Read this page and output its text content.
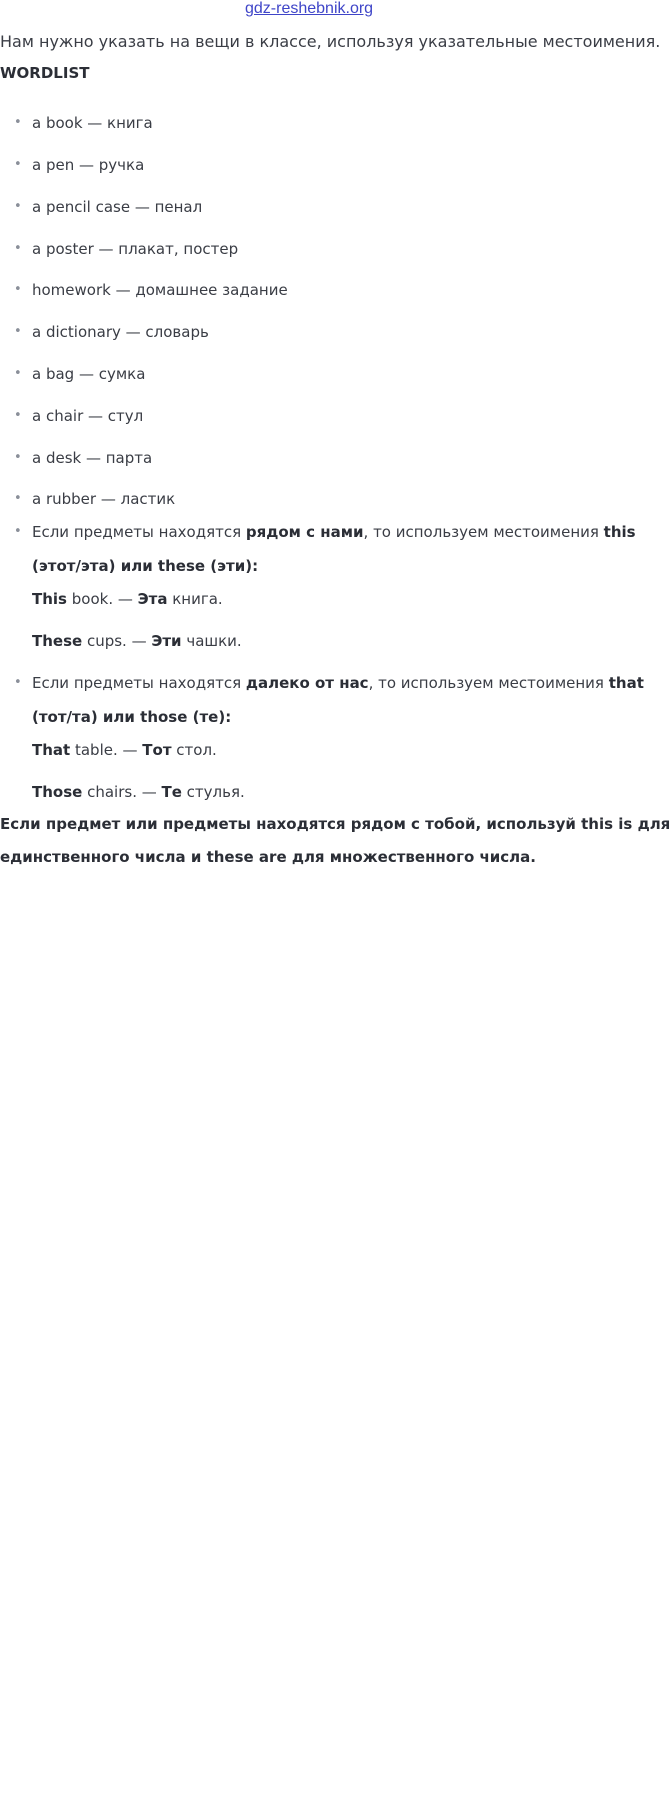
gdz-reshebnik.org
Нам нужно указать на вещи в классе, используя указательные местоимения.
WORDLIST
• a book — книга
• a pen — ручка
• a pencil case — пенал
• a poster — плакат, постер
• homework — домашнее задание
• a dictionary — словарь
• a bag — сумка
• a chair — стул
• a desk — парта
• a rubber — ластик
• Если предметы находятся рядом с нами, то используем местоимения this
(этот/эта) или these (эти):
This book. — Эта книга.
These cups. — Эти чашки.
• Если предметы находятся далеко от нас, то используем местоимения that
(тот/та) или those (те):
That table. — Тот стол.
Those chairs. — Те стулья.
Если предмет или предметы находятся рядом с тобой, используй this is для
единственного числа и these are для множественного числа.
